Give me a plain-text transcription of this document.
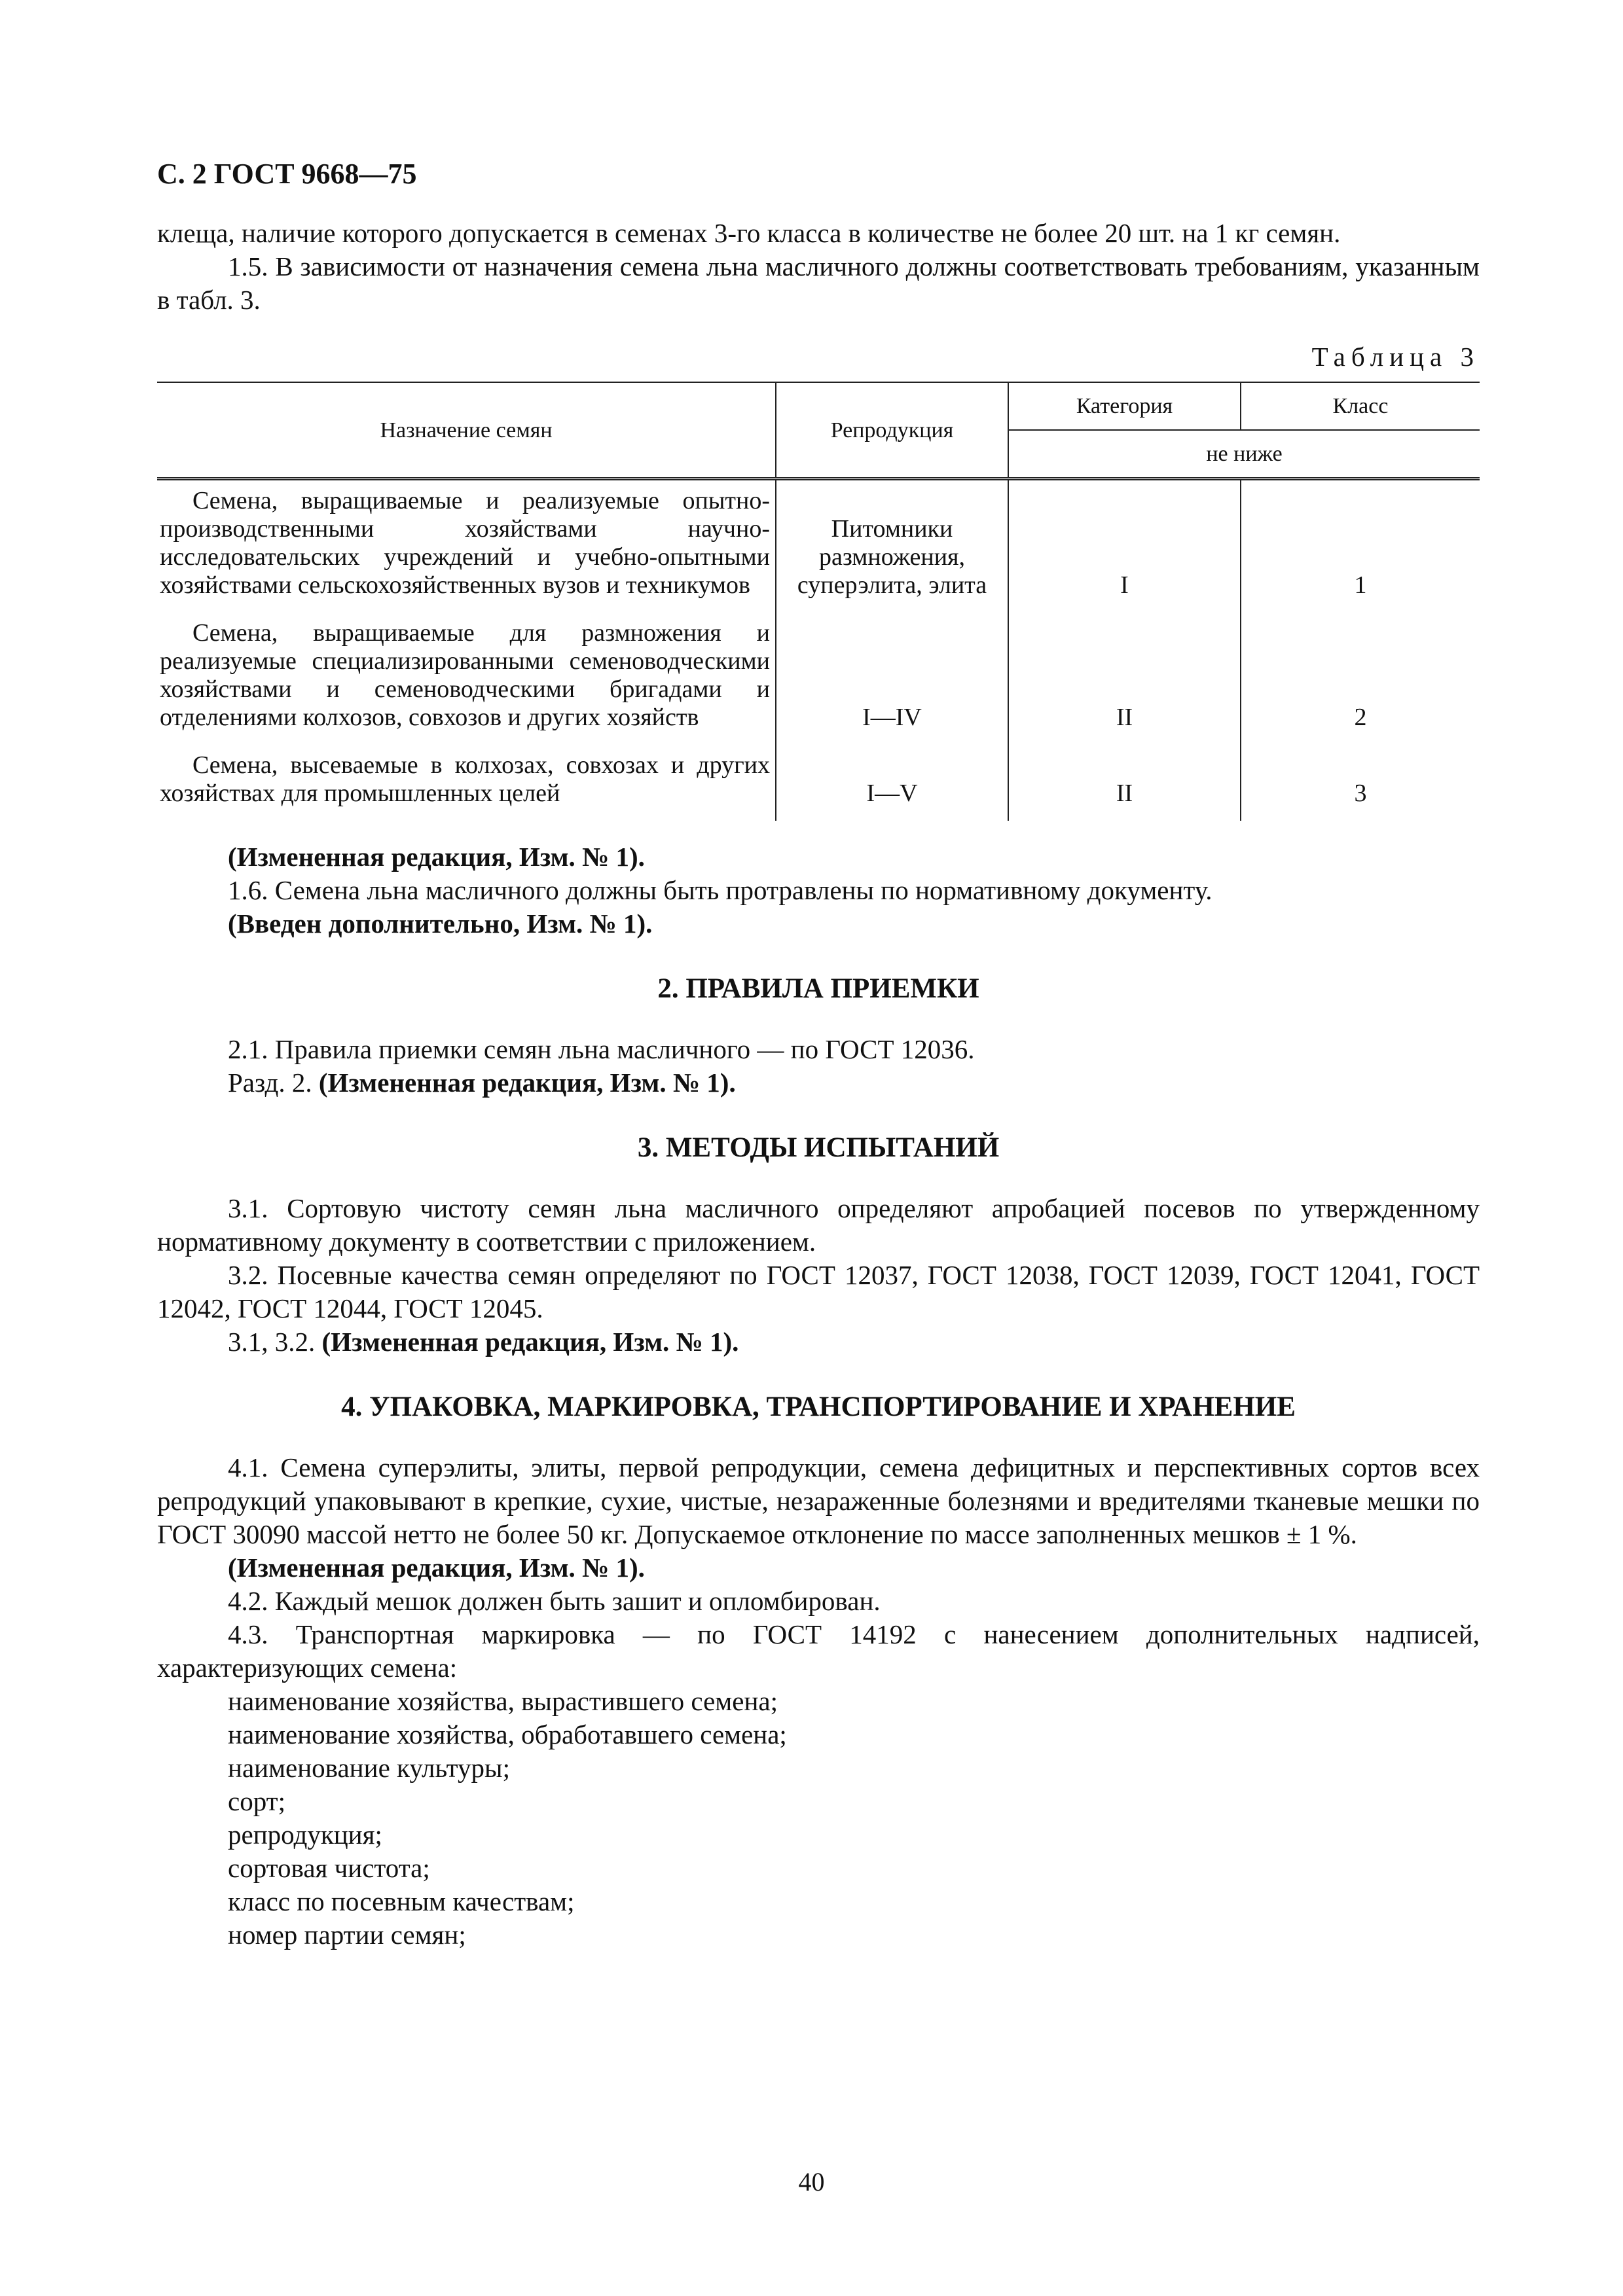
С. 2 ГОСТ 9668—75

клеща, наличие которого допускается в семенах 3-го класса в количестве не более 20 шт. на 1 кг семян.

1.5. В зависимости от назначения семена льна масличного должны соответствовать требованиям, указанным в табл. 3.

Таблица 3
Назначение семян	Репродукция	Категория	Класс
		не ниже	
Семена, выращиваемые и реализуемые опытно-производственными хозяйствами научно-исследовательских учреждений и учебно-опытными хозяйствами сельскохозяйственных вузов и техникумов	Питомники размножения, суперэлита, элита	I	1
Семена, выращиваемые для размножения и реализуемые специализированными семеноводческими хозяйствами и семеноводческими бригадами и отделениями колхозов, совхозов и других хозяйств	I—IV	II	2
Семена, высеваемые в колхозах, совхозах и других хозяйствах для промышленных целей	I—V	II	3

(Измененная редакция, Изм. № 1).

1.6. Семена льна масличного должны быть протравлены по нормативному документу.

(Введен дополнительно, Изм. № 1).

2. ПРАВИЛА ПРИЕМКИ

2.1. Правила приемки семян льна масличного — по ГОСТ 12036.

Разд. 2. (Измененная редакция, Изм. № 1).

3. МЕТОДЫ ИСПЫТАНИЙ

3.1. Сортовую чистоту семян льна масличного определяют апробацией посевов по утвержденному нормативному документу в соответствии с приложением.

3.2. Посевные качества семян определяют по ГОСТ 12037, ГОСТ 12038, ГОСТ 12039, ГОСТ 12041, ГОСТ 12042, ГОСТ 12044, ГОСТ 12045.

3.1, 3.2. (Измененная редакция, Изм. № 1).

4. УПАКОВКА, МАРКИРОВКА, ТРАНСПОРТИРОВАНИЕ И ХРАНЕНИЕ

4.1. Семена суперэлиты, элиты, первой репродукции, семена дефицитных и перспективных сортов всех репродукций упаковывают в крепкие, сухие, чистые, незараженные болезнями и вредителями тканевые мешки по ГОСТ 30090 массой нетто не более 50 кг. Допускаемое отклонение по массе заполненных мешков ± 1 %.

(Измененная редакция, Изм. № 1).

4.2. Каждый мешок должен быть зашит и опломбирован.

4.3. Транспортная маркировка — по ГОСТ 14192 с нанесением дополнительных надписей, характеризующих семена:

наименование хозяйства, вырастившего семена;
наименование хозяйства, обработавшего семена;
наименование культуры;
сорт;
репродукция;
сортовая чистота;
класс по посевным качествам;
номер партии семян;
40
